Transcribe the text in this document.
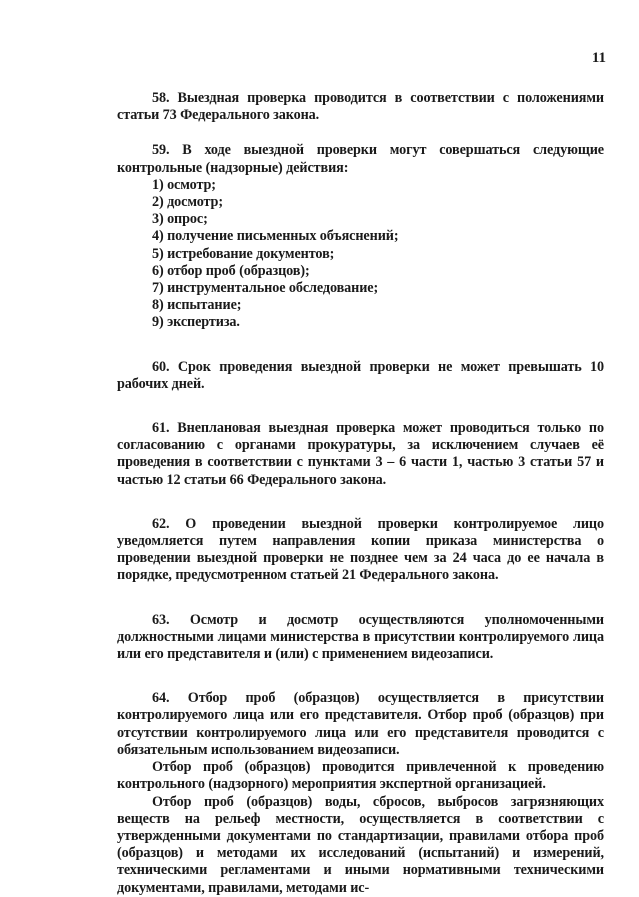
11

58. Выездная проверка проводится в соответствии с положениями статьи 73 Федерального закона.

59. В ходе выездной проверки могут совершаться следующие контрольные (надзорные) действия:

1) осмотр;
2) досмотр;
3) опрос;
4) получение письменных объяснений;
5) истребование документов;
6) отбор проб (образцов);
7) инструментальное обследование;
8) испытание;
9) экспертиза.

60. Срок проведения выездной проверки не может превышать 10 рабочих дней.

61. Внеплановая выездная проверка может проводиться только по согласованию с органами прокуратуры, за исключением случаев её проведения в соответствии с пунктами 3 – 6 части 1, частью 3 статьи 57 и частью 12 статьи 66 Федерального закона.

62. О проведении выездной проверки контролируемое лицо уведомляется путем направления копии приказа министерства о проведении выездной проверки не позднее чем за 24 часа до ее начала в порядке, предусмотренном статьей 21 Федерального закона.

63. Осмотр и досмотр осуществляются уполномоченными должностными лицами министерства в присутствии контролируемого лица или его представителя и (или) с применением видеозаписи.

64. Отбор проб (образцов) осуществляется в присутствии контролируемого лица или его представителя. Отбор проб (образцов) при отсутствии контролируемого лица или его представителя проводится с обязательным использованием видеозаписи.

Отбор проб (образцов) проводится привлеченной к проведению контрольного (надзорного) мероприятия экспертной организацией.

Отбор проб (образцов) воды, сбросов, выбросов загрязняющих веществ на рельеф местности, осуществляется в соответствии с утвержденными документами по стандартизации, правилами отбора проб (образцов) и методами их исследований (испытаний) и измерений, техническими регламентами и иными нормативными техническими документами, правилами, методами ис-
